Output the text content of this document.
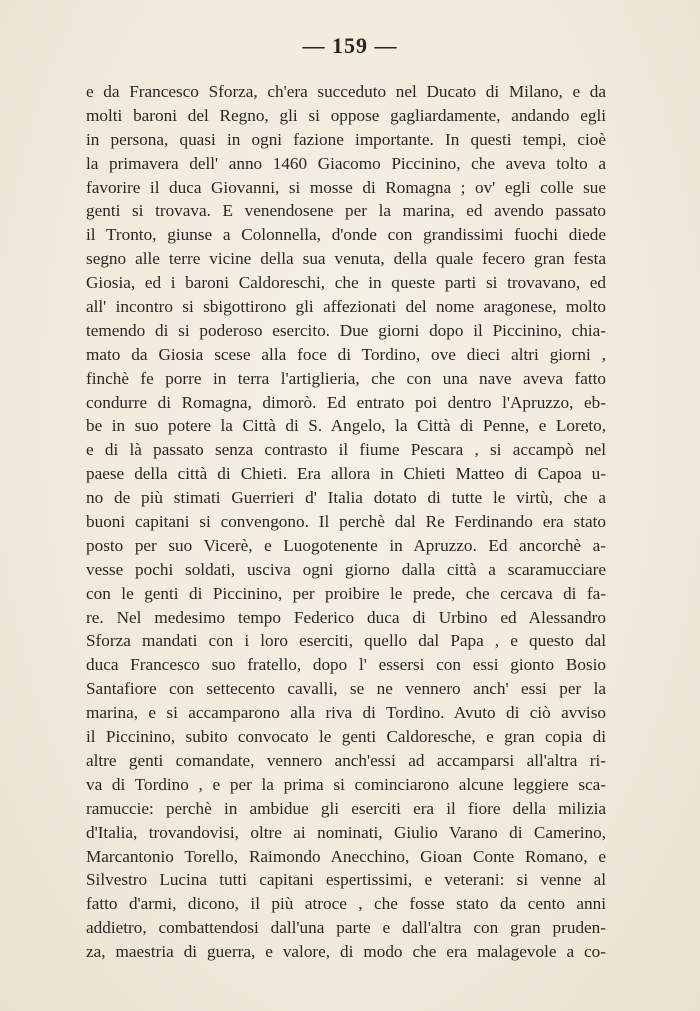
— 159 —
e da Francesco Sforza, ch'era succeduto nel Ducato di Milano, e da
molti baroni del Regno, gli si oppose gagliardamente, andando egli
in persona, quasi in ogni fazione importante. In questi tempi, cioè
la primavera dell' anno 1460 Giacomo Piccinino, che aveva tolto a
favorire il duca Giovanni, si mosse di Romagna ; ov' egli colle sue
genti si trovava. E venendosene per la marina, ed avendo passato
il Tronto, giunse a Colonnella, d'onde con grandissimi fuochi diede
segno alle terre vicine della sua venuta, della quale fecero gran festa
Giosia, ed i baroni Caldoreschi, che in queste parti si trovavano, ed
all' incontro si sbigottirono gli affezionati del nome aragonese, molto
temendo di si poderoso esercito. Due giorni dopo il Piccinino, chia-
mato da Giosia scese alla foce di Tordino, ove dieci altri giorni ,
finchè fe porre in terra l'artiglieria, che con una nave aveva fatto
condurre di Romagna, dimorò. Ed entrato poi dentro l'Apruzzo, eb-
be in suo potere la Città di S. Angelo, la Città di Penne, e Loreto,
e di là passato senza contrasto il fiume Pescara , si accampò nel
paese della città di Chieti. Era allora in Chieti Matteo di Capoa u-
no de più stimati Guerrieri d' Italia dotato di tutte le virtù, che a
buoni capitani si convengono. Il perchè dal Re Ferdinando era stato
posto per suo Vicerè, e Luogotenente in Apruzzo. Ed ancorchè a-
vesse pochi soldati, usciva ogni giorno dalla città a scaramucciare
con le genti di Piccinino, per proibire le prede, che cercava di fa-
re. Nel medesimo tempo Federico duca di Urbino ed Alessandro
Sforza mandati con i loro eserciti, quello dal Papa , e questo dal
duca Francesco suo fratello, dopo l' essersi con essi gionto Bosio
Santafiore con settecento cavalli, se ne vennero anch' essi per la
marina, e si accamparono alla riva di Tordino. Avuto di ciò avviso
il Piccinino, subito convocato le genti Caldoresche, e gran copia di
altre genti comandate, vennero anch'essi ad accamparsi all'altra ri-
va di Tordino , e per la prima si cominciarono alcune leggiere sca-
ramuccie: perchè in ambidue gli eserciti era il fiore della milizia
d'Italia, trovandovisi, oltre ai nominati, Giulio Varano di Camerino,
Marcantonio Torello, Raimondo Anecchino, Gioan Conte Romano, e
Silvestro Lucina tutti capitani espertissimi, e veterani: si venne al
fatto d'armi, dicono, il più atroce , che fosse stato da cento anni
addietro, combattendosi dall'una parte e dall'altra con gran pruden-
za, maestria di guerra, e valore, di modo che era malagevole a co-
